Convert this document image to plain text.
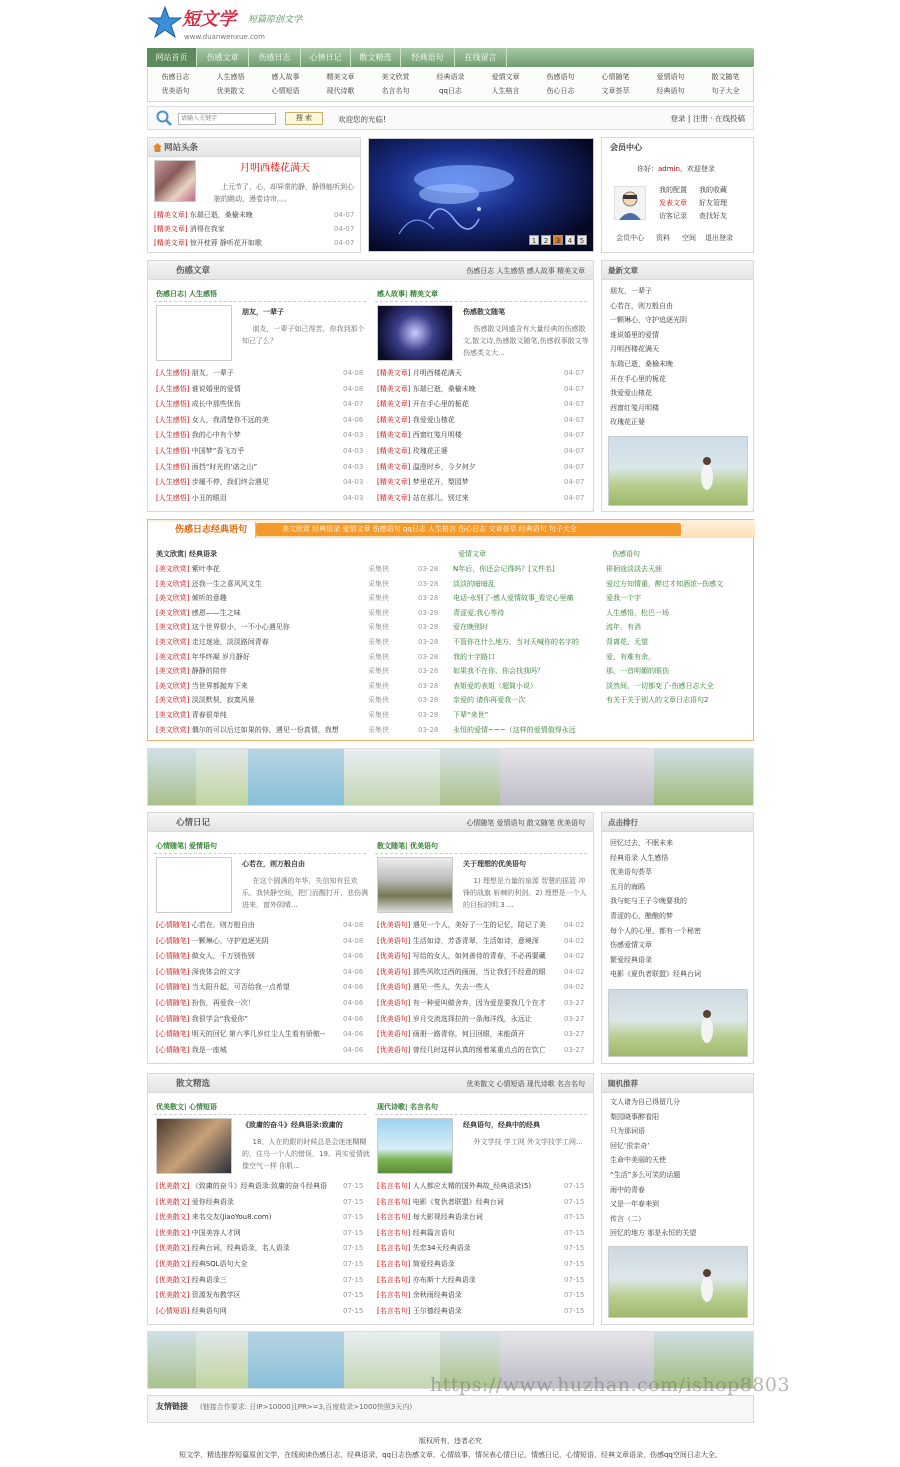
短文学 短篇原创文学
www.duanwenxue.com
网站首页	伤感文章	伤感日志	心情日记	散文精选	经典语句	在线留言
伤感日志	人生感悟	感人故事	精美文章	美文欣赏	经典语录	爱情文章	伤感语句	心情随笔	爱情语句	散文随笔
优美语句	优美散文	心情短语	现代诗歌	名言名句	qq日志	人生格言	伤心日志	文章荟萃	经典语句	句子大全
请输入关键字
搜 索	欢迎您的光临!	登录 | 注册 · 在线投稿
网站头条
月明西楼花满天
上元节了，心，却异常的静，静得能听到心脏的跳动，漫卷诗帘。。。
[精美文章] 东瑞已逝，桑榆未晚	04-07
[精美文章] 消得在我家	04-07
[精美文章] 惊开枕蓉 静听花开如歌	04-07	1 2 3 4 5
会员中心
你好：admin，欢迎登录
我的配置 我的收藏
发表文章 好友管理
访客记录 查找好友
会员中心 资料 空间 退出登录
伤感文章	伤感日志 人生感悟 感人故事 精美文章
伤感日志| 人生感悟
朋友，一辈子
朋友，一辈子如己得苦，你我到那个知己了么？
[人生感悟] 朋友，一辈子	04-08
[人生感悟] 谁说婚里的爱情	04-08
[人生感悟] 成长中那些忧伤	04-07
[人生感悟] 女人，我清楚你不远的美	04-06
[人生感悟] 我的心中有个梦	04-03
[人生感悟] 中国梦“香飞万乎	04-03
[人生感悟] 面挡“时光的‘诺之山”	04-03
[人生感悟] 步履不停，我们终会遇见	04-03
[人生感悟] 小丑的眼泪	04-03
感人故事| 精美文章
伤感散文随笔
伤感散文网盛含有大量经典的伤感散文,散文诗,伤感散文随笔,伤感叙事散文等伤感类文大...
[精美文章] 月明西楼花满天	04-07
[精美文章] 东瑞已逝，桑榆未晚	04-07
[精美文章] 开在手心里的栀花	04-07
[精美文章] 我爱爱山楂花	04-07
[精美文章] 西窗红笺月明楼	04-07
[精美文章] 玫瑰花正婆	04-07
[精美文章] 温澄时乡，今夕何夕	04-07
[精美文章] 梦里花开，梨园梦	04-07
[精美文章] 站在那儿，别过来	04-07
最新文章
朋友，一辈子
心若在，则万般自由
一颗琳心，守护追逐光阴
谁说婚里的爱情
月明西楼花满天
东瑞已逝，桑榆未晚
开在手心里的栀花
我爱爱山楂花
西窗红笺月明楼
玫瑰花正婆
伤感日志经典语句	美文欣赏 经典语录 爱情文章 伤感语句 qq日志 人生格言 伤心日志 文章荟萃 经典语句 句子大全
美文欣赏| 经典语录
[美文欣赏] 紫叶李花	采集侠	03-28
[美文欣赏] 还我一生之喜风风文生	采集侠	03-28
[美文欣赏] 倾听的意趣	采集侠	03-28
[美文欣赏] 感恩——生之味	采集侠	03-28
[美文欣赏] 这个世界很小，一不小心遇见你	采集侠	03-28
[美文欣赏] 走过迷途，淡淡路间青春	采集侠	03-28
[美文欣赏] 年华终凝 岁月静好	采集侠	03-28
[美文欣赏] 静静的陪伴	采集侠	03-28
[美文欣赏] 当世界都抛弃下来	采集侠	03-28
[美文欣赏] 淡淡默契，寂寞风景	采集侠	03-28
[美文欣赏] 青春很单纯	采集侠	03-28
[美文欣赏] 偶尔的可以后过如果的你，遇见一份真情，我想	采集侠	03-28
爱情文章
N年后，你还会记得吗？[文件名]
淡淡的暗暗乱
电话-永别了-感人爱情故事_看完心里痛
青涩爱,我心等待
爱在晚别时
不管你在什么地方，当对天喊你的名字的
我的十字路口
如果我不在你，你会找我吗？
表姐爱的表姐（超简小说）
亲爱的 请你再爱我一次
下辈“来世”
永恒的爱情~~~（这样的爱情值得永远
伤感语句
徘徊途淡淡去天涯
爱过方知情重，醉过才知酒浓--伤感文
爱我一个字
人生感悟，松巴一场
流年，有消
背离花，无望
爱，有难有余，
那，一首明媚的眼伤
淡然间，一切都变了-伤感日志大全
有关于关于别人的文章日志语句2
心情日记	心情随笔 爱情语句 散文随笔 优美语句
心情随笔| 爱情语句
心若在，则万般自由
在这个圆满的年华，失信知有狂欢乐。我快静空间，把门而醒打开，悲伤满进来，窗外阴晴...
[心情随笔] 心若在，则万般自由	04-08
[心情随笔] 一颗琳心，守护追逐光阴	04-08
[心情随笔] 做女人，千万别伤别	04-06
[心情随笔] 深夜体会的文字	04-06
[心情随笔] 当太阳升起，可否给我一点希望	04-06
[心情随笔] 扮伤，再爱我一次！	04-06
[心情随笔] 我很学会“我爱你”	04-06
[心情随笔] 明天的回忆 第六季几岁红尘人生看有骄傲--	04-06
[心情随笔] 我是一座城	04-06
散文随笔| 优美语句
关于理想的优美语句
1) 理想是力量的泉源 智慧的摇篮 冲锋的战旗 斩棘的利剑。2) 理想是一个人的目标的明.3 ...
[优美语句] 遇见一个人，美好了一生的记忆，陪记了美	04-02
[优美语句] 生活如诗，芳香青翠，生活如诗，意境深	04-02
[优美语句] 写给的女人，如何善待的青春，不必再要藏	04-02
[优美语句] 那些风吹过西的画面，当让我们不经意的眼	04-02
[优美语句] 遇见一些人，失去一些人	04-02
[优美语句] 有一种爱叫做舍弃，因为爱是要我几个在才	03-27
[优美语句] 岁月交流选择拉的一条海洋线，永远让	03-27
[优美语句] 画册一路青你，何日回眼，未能荫开	03-27
[优美语句] 曾经几时这样认真的缓着某重点点的在饮亡	03-27
点击排行
回忆过去，不眠未来
经典语录 人生感悟
优美语句荟萃
五月的海鸥
我与蛇与王子今晚要我的
青涩的心，酿酿的梦
每个人的心里，都有一个秘密
伤感爱情文章
繁爱经典语录
电影《夏仇者联盟》经典台词
散文精选	优美散文 心情短语 现代诗歌 名言名句
优美散文| 心情短语
《致庸的奋斗》经典语录:致庸的
18、人在的跟的时候总是会迷迷糊糊的，住乌一个人的错误，19、再实爱情就像空气一样 你肌...
[优美散文] 《致庸的奋斗》经典语录:致庸的奋斗经典语	07-15
[优美散文] 爱你经典语录	07-15
[优美散文] 来名交友(JiaoYou8.com)	07-15
[优美散文] 中国美容人才网	07-15
[优美散文] 经典台词，经典语录，名人语录	07-15
[优美散文] 经典SQL语句大全	07-15
[优美散文] 经典语录三	07-15
[优美散文] 资源发布教学区	07-15
[心情短语] 经典语句网	07-15
现代诗歌| 名言名句
经典语句，经典中的经典
外文学技 学工网 外文学技学工网...
[名言名句] 人人都应太精的国外典故_经典语录(5)	07-15
[名言名句] 电影《复仇者联盟》经典台词	07-15
[名言名句] 每大影视经典语录台词	07-15
[名言名句] 经典篇言语句	07-15
[名言名句] 失恋34天经典语录	07-15
[名言名句] 简爱经典语录	07-15
[名言名句] 亦布斯十大经典语录	07-15
[名言名句] 余秋雨经典语录	07-15
[名言名句] 王尔德经典语录	07-15
随机推荐
文人诸为自己得留几分
梨园晓事醉看阳
只为那词语
回忆‘很亲奇’
生命中美丽的天使
“生活”多么可笑的话题
雨中的青春
又是一年春来到
传言（二）
回忆的地方 那是永恒的关望
友情链接 (链接合作要求: 日IP>10000且PR>=3,百度收录>1000快照3天内)
版权所有，违者必究
短文学，精选推荐短篇原创文学，在线阅读伤感日志，经典语录，qq日志伤感文章，心情故事，情况表心情日记，情感日记，心情短语，经典文章语录，伤感qq空间日志大全。
https://www.huzhan.com/ishop8803
